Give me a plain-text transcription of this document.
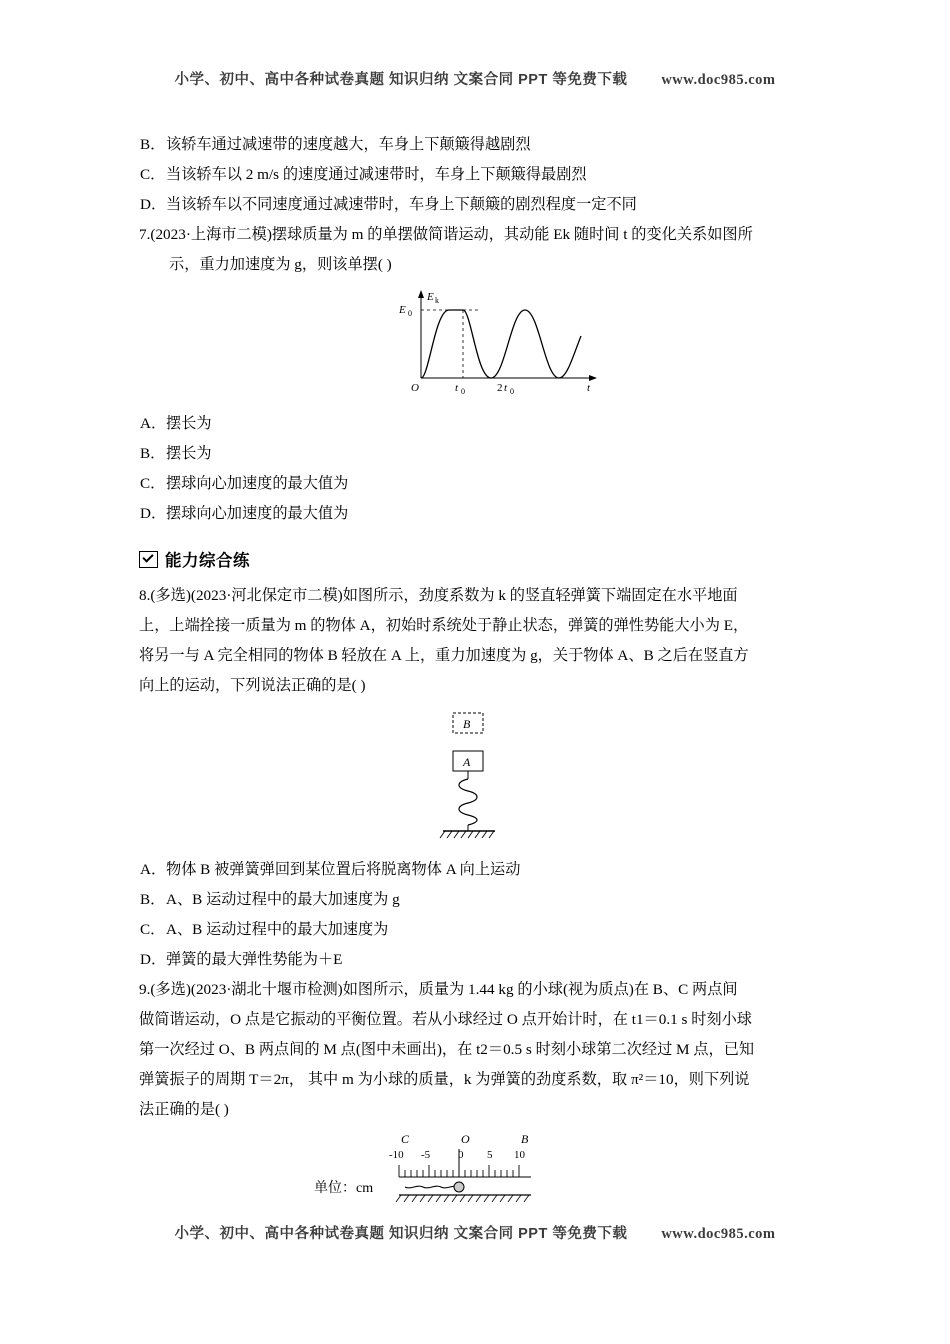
小学、初中、高中各种试卷真题 知识归纳 文案合同 PPT 等免费下载 www.doc985.com
B．该轿车通过减速带的速度越大，车身上下颠簸得越剧烈
C．当该轿车以 2 m/s 的速度通过减速带时，车身上下颠簸得最剧烈
D．当该轿车以不同速度通过减速带时，车身上下颠簸的剧烈程度一定不同
7.(2023·上海市二模)摆球质量为 m 的单摆做简谐运动，其动能 Ek 随时间 t 的变化关系如图所
示，重力加速度为 g，则该单摆( )
E k
E 0
O	t 0	2 t 0	t
A．摆长为
B．摆长为
C．摆球向心加速度的最大值为
D．摆球向心加速度的最大值为
能力综合练
8.(多选)(2023·河北保定市二模)如图所示，劲度系数为 k 的竖直轻弹簧下端固定在水平地面
上，上端拴接一质量为 m 的物体 A，初始时系统处于静止状态，弹簧的弹性势能大小为 E，
将另一与 A 完全相同的物体 B 轻放在 A 上，重力加速度为 g，关于物体 A、B 之后在竖直方
向上的运动，下列说法正确的是( )
B
A
A．物体 B 被弹簧弹回到某位置后将脱离物体 A 向上运动
B．A、B 运动过程中的最大加速度为 g
C．A、B 运动过程中的最大加速度为
D．弹簧的最大弹性势能为＋E
9.(多选)(2023·湖北十堰市检测)如图所示，质量为 1.44 kg 的小球(视为质点)在 B、C 两点间
做简谐运动，O 点是它振动的平衡位置。若从小球经过 O 点开始计时，在 t1＝0.1 s 时刻小球
第一次经过 O、B 两点间的 M 点(图中未画出)，在 t2＝0.5 s 时刻小球第二次经过 M 点，已知
弹簧振子的周期 T＝2π， 其中 m 为小球的质量，k 为弹簧的劲度系数，取 π²＝10，则下列说
法正确的是( )
单位：cm
C	O	B
-10 -5	0 5 10
小学、初中、高中各种试卷真题 知识归纳 文案合同 PPT 等免费下载 www.doc985.com
